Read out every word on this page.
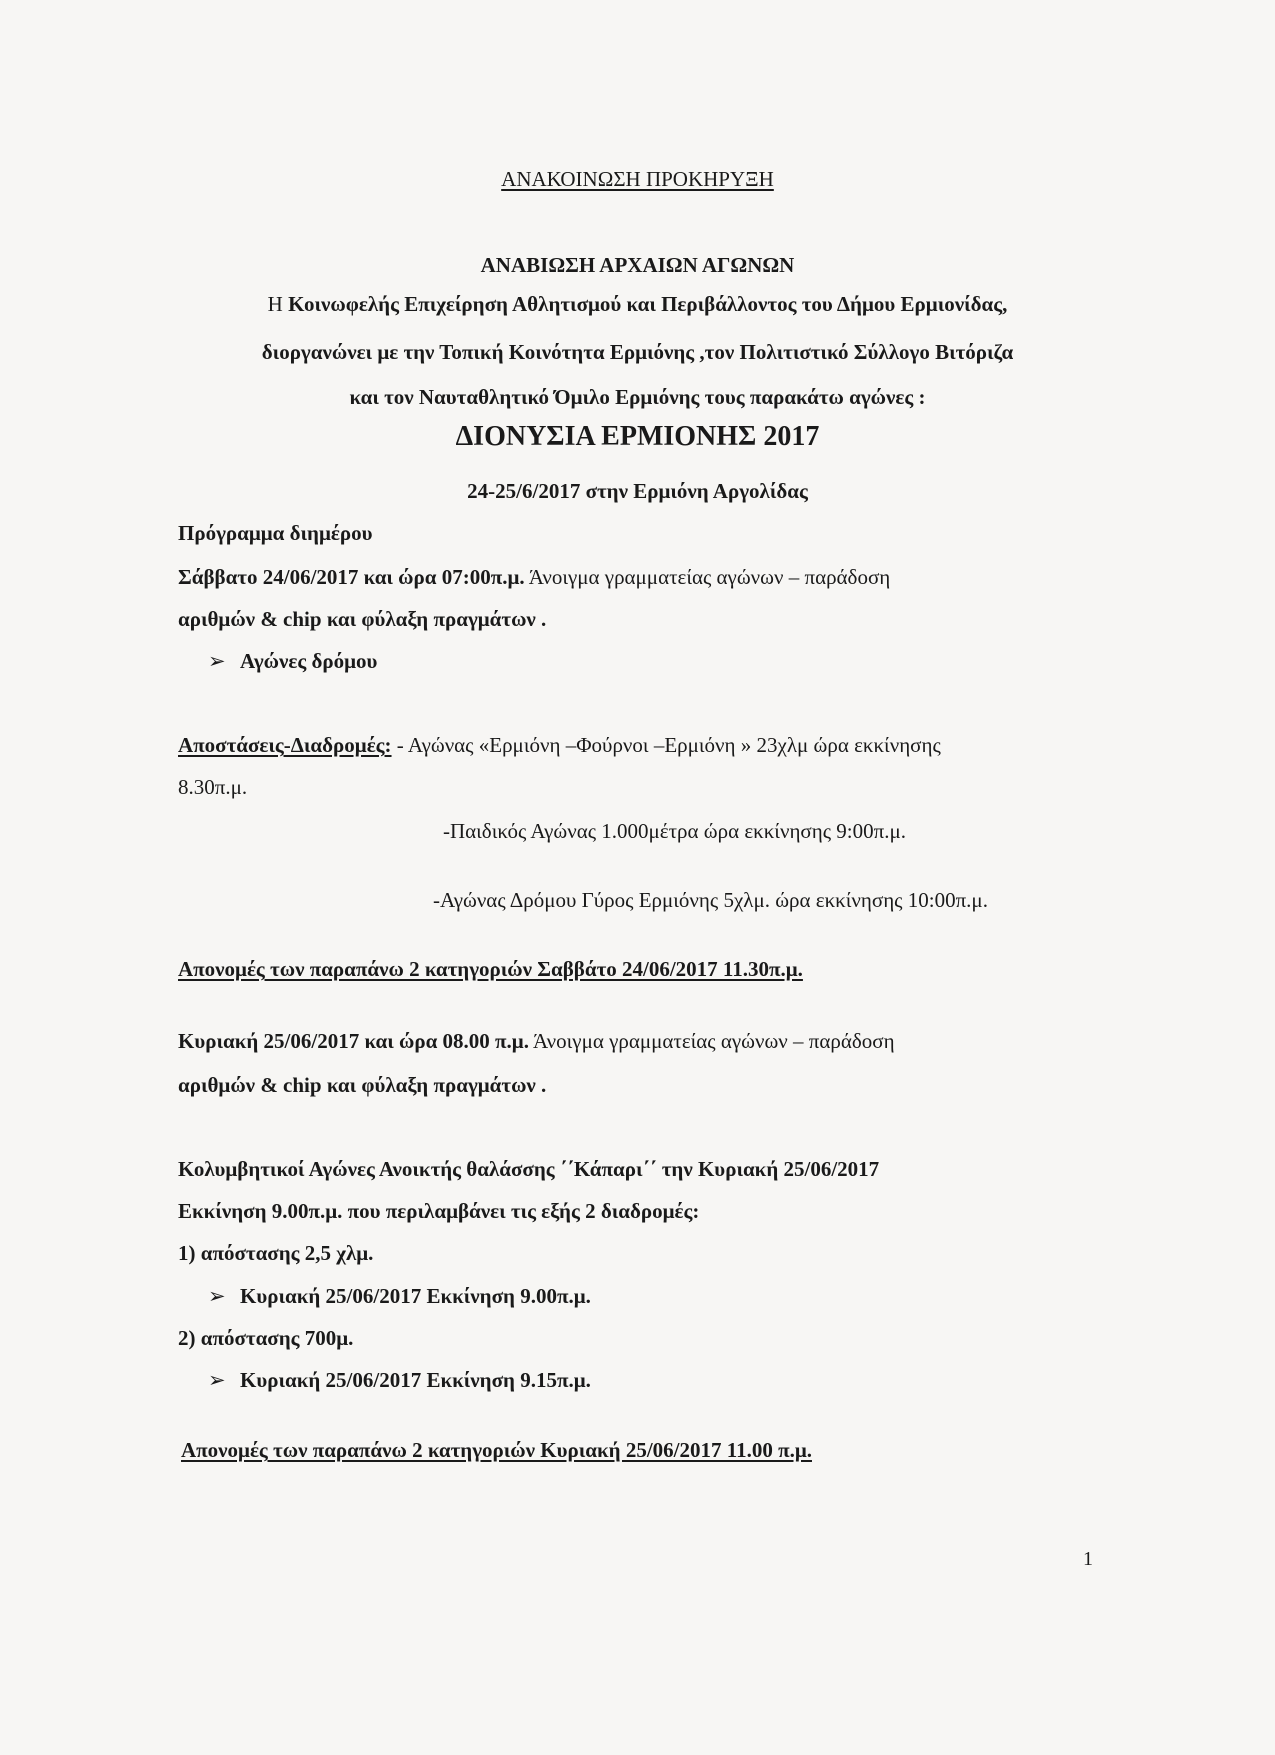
ΑΝΑΚΟΙΝΩΣΗ ΠΡΟΚΗΡΥΞΗ
ΑΝΑΒΙΩΣΗ ΑΡΧΑΙΩΝ ΑΓΩΝΩΝ
Η Κοινωφελής Επιχείρηση Αθλητισμού και Περιβάλλοντος του Δήμου Ερμιονίδας,
διοργανώνει με την Τοπική Κοινότητα Ερμιόνης ,τον Πολιτιστικό Σύλλογο Βιτόριζα
και τον Ναυταθλητικό Όμιλο Ερμιόνης τους παρακάτω αγώνες :
ΔΙΟΝΥΣΙΑ ΕΡΜΙΟΝΗΣ 2017
24-25/6/2017 στην Ερμιόνη Αργολίδας
Πρόγραμμα διημέρου
Σάββατο 24/06/2017 και ώρα 07:00π.μ. Άνοιγμα γραμματείας αγώνων – παράδοση
αριθμών & chip και φύλαξη πραγμάτων .
➢ Αγώνες δρόμου
Αποστάσεις-Διαδρομές: - Αγώνας «Ερμιόνη –Φούρνοι –Ερμιόνη » 23χλμ ώρα εκκίνησης
8.30π.μ.
-Παιδικός Αγώνας 1.000μέτρα ώρα εκκίνησης 9:00π.μ.
-Αγώνας Δρόμου Γύρος Ερμιόνης 5χλμ. ώρα εκκίνησης 10:00π.μ.
Απονομές των παραπάνω 2 κατηγοριών Σαββάτο 24/06/2017 11.30π.μ.
Κυριακή 25/06/2017 και ώρα 08.00 π.μ. Άνοιγμα γραμματείας αγώνων – παράδοση
αριθμών & chip και φύλαξη πραγμάτων .
Κολυμβητικοί Αγώνες Ανοικτής θαλάσσης ΄΄Κάπαρι΄΄ την Κυριακή 25/06/2017
Εκκίνηση 9.00π.μ. που περιλαμβάνει τις εξής 2 διαδρομές:
1) απόστασης 2,5 χλμ.
➢ Κυριακή 25/06/2017 Εκκίνηση 9.00π.μ.
2) απόστασης 700μ.
➢ Κυριακή 25/06/2017 Εκκίνηση 9.15π.μ.
Απονομές των παραπάνω 2 κατηγοριών Κυριακή 25/06/2017 11.00 π.μ.
1
